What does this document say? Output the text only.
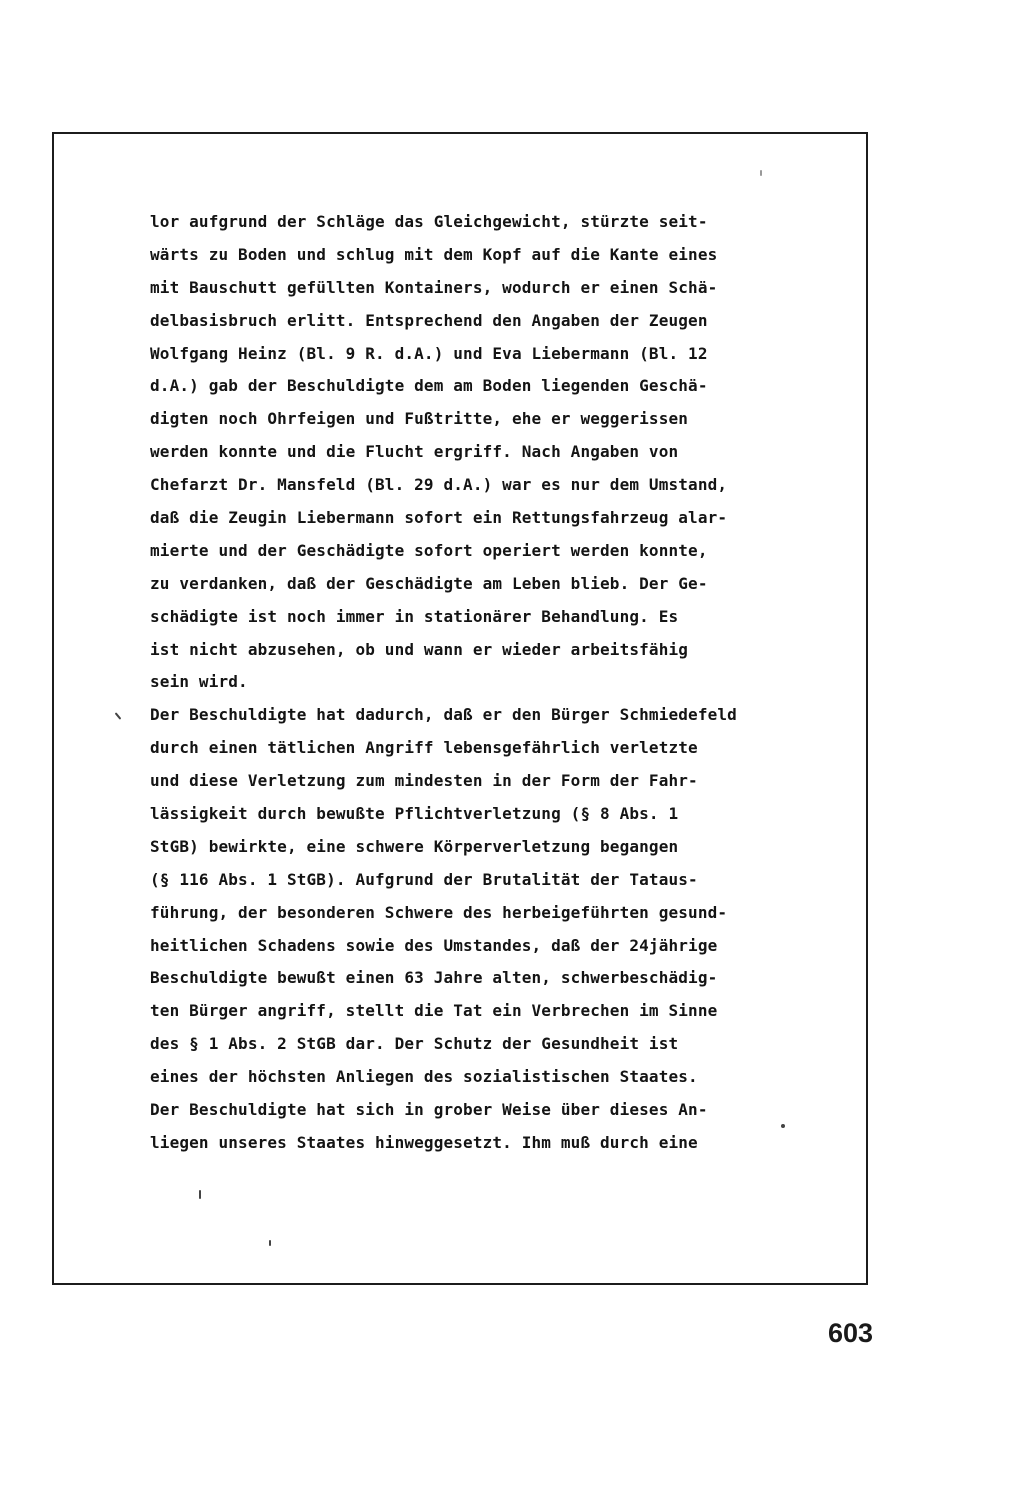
lor aufgrund der Schläge das Gleichgewicht, stürzte seit-
wärts zu Boden und schlug mit dem Kopf auf die Kante eines
mit Bauschutt gefüllten Kontainers, wodurch er einen Schä-
delbasisbruch erlitt. Entsprechend den Angaben der Zeugen
Wolfgang Heinz (Bl. 9 R. d.A.) und Eva Liebermann (Bl. 12
d.A.) gab der Beschuldigte dem am Boden liegenden Geschä-
digten noch Ohrfeigen und Fußtritte, ehe er weggerissen
werden konnte und die Flucht ergriff. Nach Angaben von
Chefarzt Dr. Mansfeld (Bl. 29 d.A.) war es nur dem Umstand,
daß die Zeugin Liebermann sofort ein Rettungsfahrzeug alar-
mierte und der Geschädigte sofort operiert werden konnte,
zu verdanken, daß der Geschädigte am Leben blieb. Der Ge-
schädigte ist noch immer in stationärer Behandlung. Es
ist nicht abzusehen, ob und wann er wieder arbeitsfähig
sein wird.
Der Beschuldigte hat dadurch, daß er den Bürger Schmiedefeld
durch einen tätlichen Angriff lebensgefährlich verletzte
und diese Verletzung zum mindesten in der Form der Fahr-
lässigkeit durch bewußte Pflichtverletzung (§ 8 Abs. 1
StGB) bewirkte, eine schwere Körperverletzung begangen
(§ 116 Abs. 1 StGB). Aufgrund der Brutalität der Tataus-
führung, der besonderen Schwere des herbeigeführten gesund-
heitlichen Schadens sowie des Umstandes, daß der 24jährige
Beschuldigte bewußt einen 63 Jahre alten, schwerbeschädig-
ten Bürger angriff, stellt die Tat ein Verbrechen im Sinne
des § 1 Abs. 2 StGB dar. Der Schutz der Gesundheit ist
eines der höchsten Anliegen des sozialistischen Staates.
Der Beschuldigte hat sich in grober Weise über dieses An-
liegen unseres Staates hinweggesetzt. Ihm muß durch eine
603
